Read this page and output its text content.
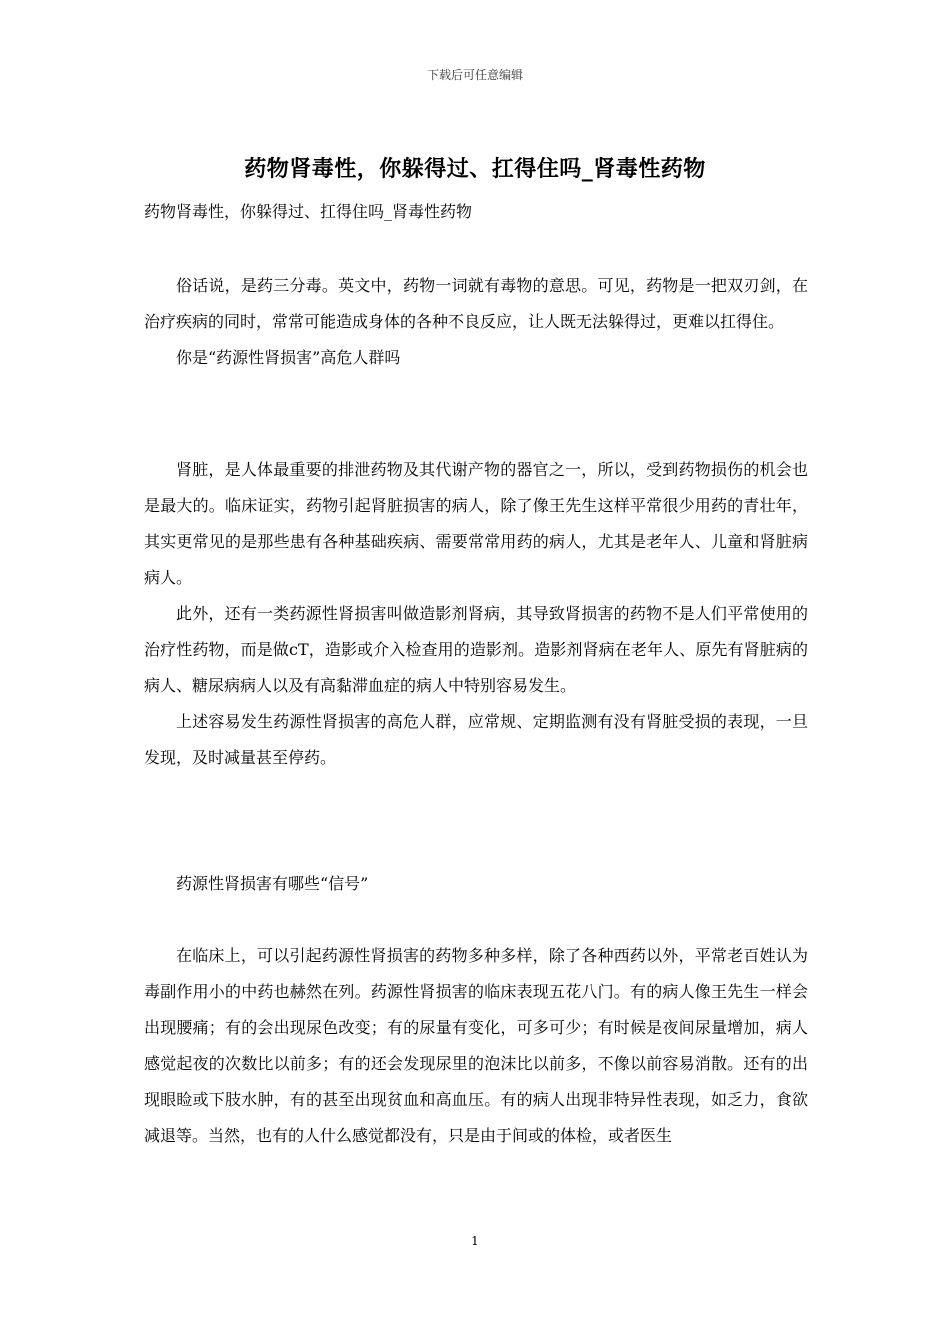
下载后可任意编辑
药物肾毒性，你躲得过、扛得住吗_肾毒性药物
药物肾毒性，你躲得过、扛得住吗_肾毒性药物

俗话说，是药三分毒。英文中，药物一词就有毒物的意思。可见，药物是一把双刃剑，在治疗疾病的同时，常常可能造成身体的各种不良反应，让人既无法躲得过，更难以扛得住。

你是“药源性肾损害”高危人群吗

肾脏，是人体最重要的排泄药物及其代谢产物的器官之一，所以，受到药物损伤的机会也是最大的。临床证实，药物引起肾脏损害的病人，除了像王先生这样平常很少用药的青壮年，其实更常见的是那些患有各种基础疾病、需要常常用药的病人，尤其是老年人、儿童和肾脏病病人。

此外，还有一类药源性肾损害叫做造影剂肾病，其导致肾损害的药物不是人们平常使用的治疗性药物，而是做cT，造影或介入检查用的造影剂。造影剂肾病在老年人、原先有肾脏病的病人、糖尿病病人以及有高黏滞血症的病人中特别容易发生。

上述容易发生药源性肾损害的高危人群，应常规、定期监测有没有肾脏受损的表现，一旦发现，及时减量甚至停药。

药源性肾损害有哪些“信号”

在临床上，可以引起药源性肾损害的药物多种多样，除了各种西药以外，平常老百姓认为毒副作用小的中药也赫然在列。药源性肾损害的临床表现五花八门。有的病人像王先生一样会出现腰痛；有的会出现尿色改变；有的尿量有变化，可多可少；有时候是夜间尿量增加，病人感觉起夜的次数比以前多；有的还会发现尿里的泡沫比以前多，不像以前容易消散。还有的出现眼睑或下肢水肿，有的甚至出现贫血和高血压。有的病人出现非特异性表现，如乏力，食欲减退等。当然，也有的人什么感觉都没有，只是由于间或的体检，或者医生

1
